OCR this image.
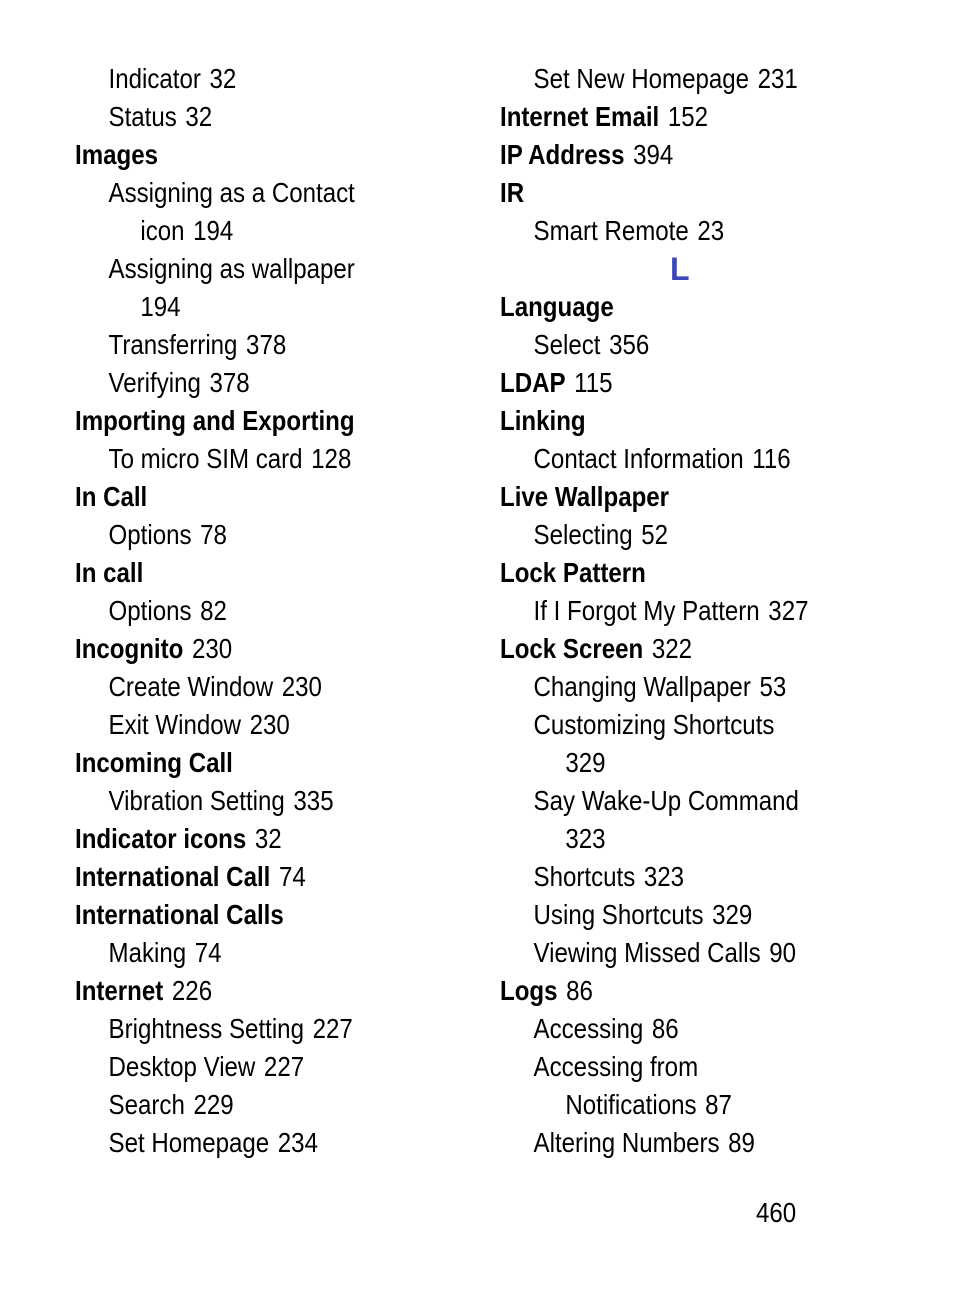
Indicator 32
Status 32
Images
Assigning as a Contact
icon 194
Assigning as wallpaper
194
Transferring 378
Verifying 378
Importing and Exporting
To micro SIM card 128
In Call
Options 78
In call
Options 82
Incognito 230
Create Window 230
Exit Window 230
Incoming Call
Vibration Setting 335
Indicator icons 32
International Call 74
International Calls
Making 74
Internet 226
Brightness Setting 227
Desktop View 227
Search 229
Set Homepage 234
Set New Homepage 231
Internet Email 152
IP Address 394
IR
Smart Remote 23
L
Language
Select 356
LDAP 115
Linking
Contact Information 116
Live Wallpaper
Selecting 52
Lock Pattern
If I Forgot My Pattern 327
Lock Screen 322
Changing Wallpaper 53
Customizing Shortcuts
329
Say Wake-Up Command
323
Shortcuts 323
Using Shortcuts 329
Viewing Missed Calls 90
Logs 86
Accessing 86
Accessing from
Notifications 87
Altering Numbers 89
460
